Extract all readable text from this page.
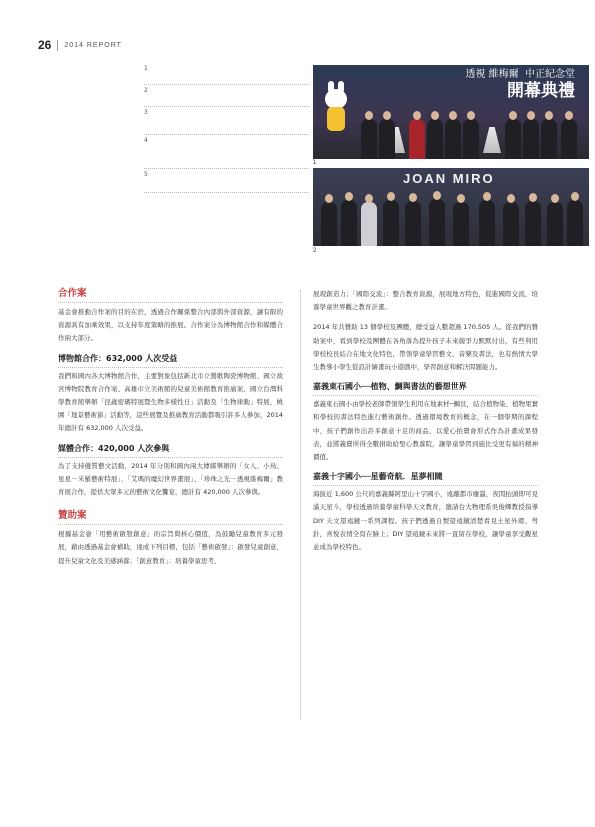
26 2014 REPORT
1
2
3
4
5
透視 維梅爾 中正紀念堂
開幕典禮
1
JOAN MIRO
2
合作案

基金會推動合作案的目的在於，透過合作關係整合內部與外部資源，讓有限的資源具有加乘效果，以支持年度策略的推展。合作案分為博物館合作和媒體合作兩大部分。

博物館合作：632,000 人次受益

我們和國內各大博物館合作，主要對象包括新北市立鶯歌陶瓷博物館、國立故宮博物院教育合作案、高雄市立美術館的兒童美術館教育推廣案、國立台灣科學教育館舉辦「昆蟲密碼特展暨生物多樣性日」活動及「生物律動」特展，桃園「地景藝術節」活動等，這些展覽及推廣教育活動都吸引許多人參加，2014 年總計有 632,000 人次受益。

媒體合作：420,000 人次參與

為了支持優質藝文活動，2014 年分別和國內兩大傳媒舉辦的「女人、小鳥、星星－米羅藝術特展」、「艾瑪的魔幻世界畫展」、「珍珠之光－透視維梅爾」教育展合作，提供大眾多元的藝術文化饗宴，總計有 420,000 人次參與。

贊助案

根據基金會「用藝術啟發創意」的宗旨與核心價值，為鼓勵兒童教育多元發展，藉由透過基金會補助，達成下列目標，包括「藝術啟發」：啟發兒童創意，提升兒童文化及美感涵養；「創意教育」：培養學童思考、

展現創造力；「國際交流」：整合教育資源，展現地方特色，促進國際交流，培養學童世界觀之教育計畫。

2014 年共贊助 13 個學校及團體，總受益人數超過 170,505 人。從我們的贊助案中，看到學校及團體在各角落為提升孩子未來競爭力默默付出，有些利用學校校長結合在地文化特色，帶領學童學習藝文、音樂及書法，也有熱情大學生教導小學生從設計繪畫玩小遊戲中，學習創意和解決問題能力。

嘉義東石國小──植物、鯛與書法的藝想世界

嘉義東石國小由學校老師帶領學生利用在地素材─鯛貝，結合植物染、植物果實和學校的書法特色進行藝術創作。透過環境教育的概念，在一個學期的課程中，孩子們創作出許多創意十足的商品，以愛心拍賣會形式作為計畫成果發表，並將義賣所得全數捐助給聖心教養院，讓學童學習到施比受更有福的精神價值。

嘉義十字國小──星藝奇航．星夢相隨

海拔近 1,600 公尺的嘉義縣阿里山十字國小，遠離都市塵囂，夜間抬頭即可見滿天星斗，學校透過培養學童科學天文教育，邀請台大物理系吳俊輝教授指導 DIY 天文望遠鏡一系列課程。孩子們透過自製望遠鏡清楚看見土星外環、彗針，喜悅表情全寫在臉上；DIY 望遠鏡未來將一直留在學校，讓學童享受觀星並成為學校特色。
